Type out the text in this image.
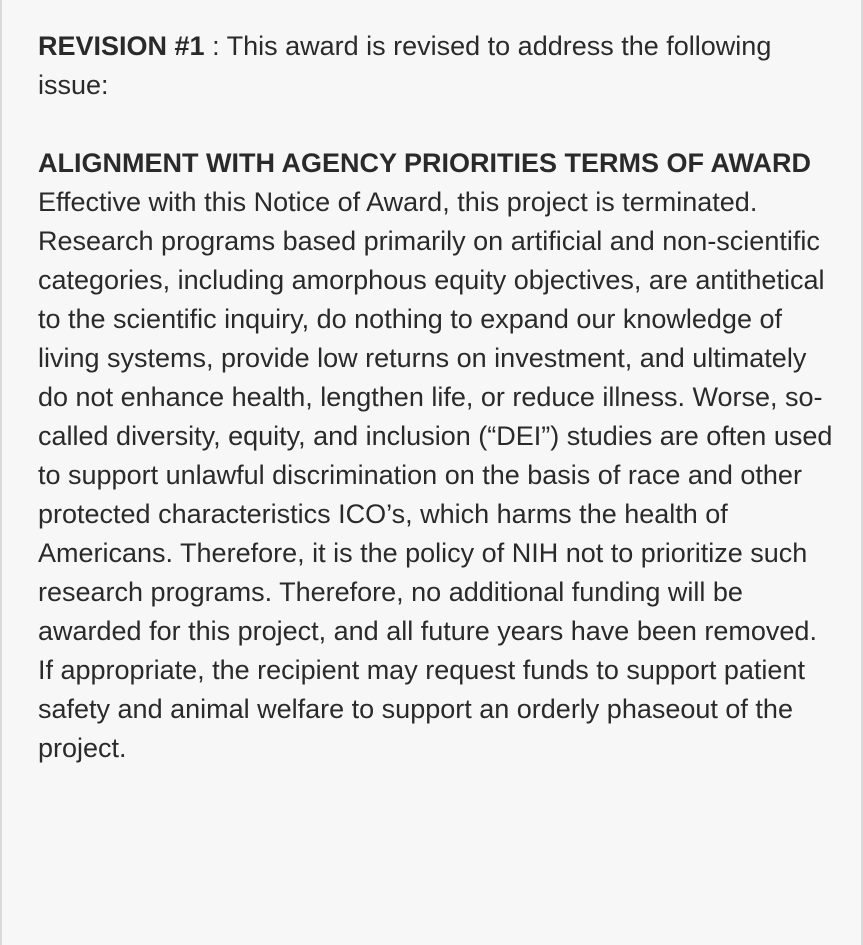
REVISION #1 : This award is revised to address the following issue:

ALIGNMENT WITH AGENCY PRIORITIES TERMS OF AWARD

Effective with this Notice of Award, this project is terminated. Research programs based primarily on artificial and non-scientific categories, including amorphous equity objectives, are antithetical to the scientific inquiry, do nothing to expand our knowledge of living systems, provide low returns on investment, and ultimately do not enhance health, lengthen life, or reduce illness. Worse, so-called diversity, equity, and inclusion (“DEI”) studies are often used to support unlawful discrimination on the basis of race and other protected characteristics ICO’s, which harms the health of Americans. Therefore, it is the policy of NIH not to prioritize such research programs. Therefore, no additional funding will be awarded for this project, and all future years have been removed. If appropriate, the recipient may request funds to support patient safety and animal welfare to support an orderly phaseout of the project.
